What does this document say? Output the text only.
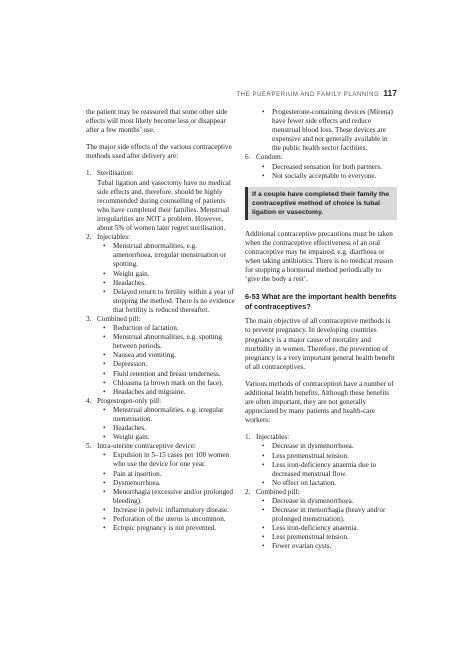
THE PUERPERIUM AND FAMILY PLANNING 117

the patient may be reassured that some other side effects will most likely become less or disappear after a few months’ use.

The major side effects of the various contraceptive methods used after delivery are:

1. Sterilisation:
Tubal ligation and vasectomy have no medical side effects and, therefore, should be highly recommended during counselling of patients who have completed their families. Menstrual irregularities are NOT a problem. However, about 5% of women later regret sterilisation.
2. Injectables:
• Menstrual abnormalities, e.g. amenorrhoea, irregular menstruation or spotting.
• Weight gain.
• Headaches.
• Delayed return to fertility within a year of stopping the method. There is no evidence that fertility is reduced thereafter.
3. Combined pill:
• Reduction of lactation.
• Menstrual abnormalities, e.g. spotting between periods.
• Nausea and vomiting.
• Depression.
• Fluid retention and breast tenderness.
• Chloasma (a brown mark on the face).
• Headaches and migraine.
4. Progestogen-only pill:
• Menstrual abnormalities, e.g. irregular menstruation.
• Headaches.
• Weight gain.
5. Intra-uterine contraceptive device:
• Expulsion in 5–15 cases per 100 women who use the device for one year.
• Pain at insertion.
• Dysmenorrhoea.
• Menorrhagia (excessive and/or prolonged bleeding).
• Increase in pelvic inflammatory disease.
• Perforation of the uterus is uncommon.
• Ectopic pregnancy is not prevented.
• Progesterone-containing devices (Mirena) have fewer side effects and reduce menstrual blood loss. These devices are expensive and not generally available in the public health sector facilities.
6. Condom:
• Decreased sensation for both partners.
• Not socially acceptable to everyone.
If a couple have completed their family the contraceptive method of choice is tubal ligation or vasectomy.

Additional contraceptive precautions must be taken when the contraceptive effectiveness of an oral contraceptive may be impaired, e.g. diarrhoea or when taking antibiotics. There is no medical reason for stopping a hormonal method periodically to ‘give the body a rest’.

6-53 What are the important health benefits of contraceptives?

The main objective of all contraceptive methods is to prevent pregnancy. In developing countries pregnancy is a major cause of mortality and morbidity in women. Therefore, the prevention of pregnancy is a very important general health benefit of all contraceptives.

Various methods of contraception have a number of additional health benefits. Although these benefits are often important, they are not generally appreciated by many patients and health-care workers:

1. Injectables:
• Decrease in dysmenorrhoea.
• Less premenstrual tension.
• Less iron-deficiency anaemia due to decreased menstrual flow.
• No effect on lactation.
2. Combined pill:
• Decrease in dysmenorrhoea.
• Decrease in menorrhagia (heavy and/or prolonged menstruation).
• Less iron-deficiency anaemia.
• Less premenstrual tension.
• Fewer ovarian cysts.
